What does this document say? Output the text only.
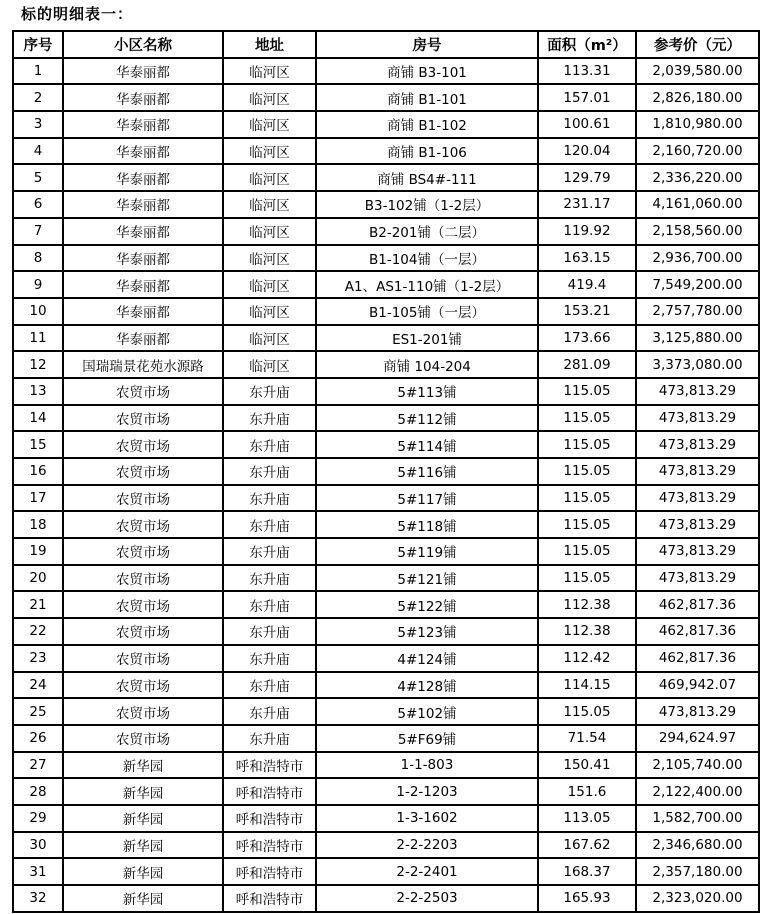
标的明细表一：
序号	小区名称	地址	房号	面积（m²）	参考价（元）
1	华泰丽都	临河区	商铺 B3-101	113.31	2,039,580.00
2	华泰丽都	临河区	商铺 B1-101	157.01	2,826,180.00
3	华泰丽都	临河区	商铺 B1-102	100.61	1,810,980.00
4	华泰丽都	临河区	商铺 B1-106	120.04	2,160,720.00
5	华泰丽都	临河区	商铺 BS4#-111	129.79	2,336,220.00
6	华泰丽都	临河区	B3-102铺（1-2层）	231.17	4,161,060.00
7	华泰丽都	临河区	B2-201铺（二层）	119.92	2,158,560.00
8	华泰丽都	临河区	B1-104铺（一层）	163.15	2,936,700.00
9	华泰丽都	临河区	A1、AS1-110铺（1-2层）	419.4	7,549,200.00
10	华泰丽都	临河区	B1-105铺（一层）	153.21	2,757,780.00
11	华泰丽都	临河区	ES1-201铺	173.66	3,125,880.00
12	国瑞瑞景花苑水源路	临河区	商铺 104-204	281.09	3,373,080.00
13	农贸市场	东升庙	5#113铺	115.05	473,813.29
14	农贸市场	东升庙	5#112铺	115.05	473,813.29
15	农贸市场	东升庙	5#114铺	115.05	473,813.29
16	农贸市场	东升庙	5#116铺	115.05	473,813.29
17	农贸市场	东升庙	5#117铺	115.05	473,813.29
18	农贸市场	东升庙	5#118铺	115.05	473,813.29
19	农贸市场	东升庙	5#119铺	115.05	473,813.29
20	农贸市场	东升庙	5#121铺	115.05	473,813.29
21	农贸市场	东升庙	5#122铺	112.38	462,817.36
22	农贸市场	东升庙	5#123铺	112.38	462,817.36
23	农贸市场	东升庙	4#124铺	112.42	462,817.36
24	农贸市场	东升庙	4#128铺	114.15	469,942.07
25	农贸市场	东升庙	5#102铺	115.05	473,813.29
26	农贸市场	东升庙	5#F69铺	71.54	294,624.97
27	新华园	呼和浩特市	1-1-803	150.41	2,105,740.00
28	新华园	呼和浩特市	1-2-1203	151.6	2,122,400.00
29	新华园	呼和浩特市	1-3-1602	113.05	1,582,700.00
30	新华园	呼和浩特市	2-2-2203	167.62	2,346,680.00
31	新华园	呼和浩特市	2-2-2401	168.37	2,357,180.00
32	新华园	呼和浩特市	2-2-2503	165.93	2,323,020.00
